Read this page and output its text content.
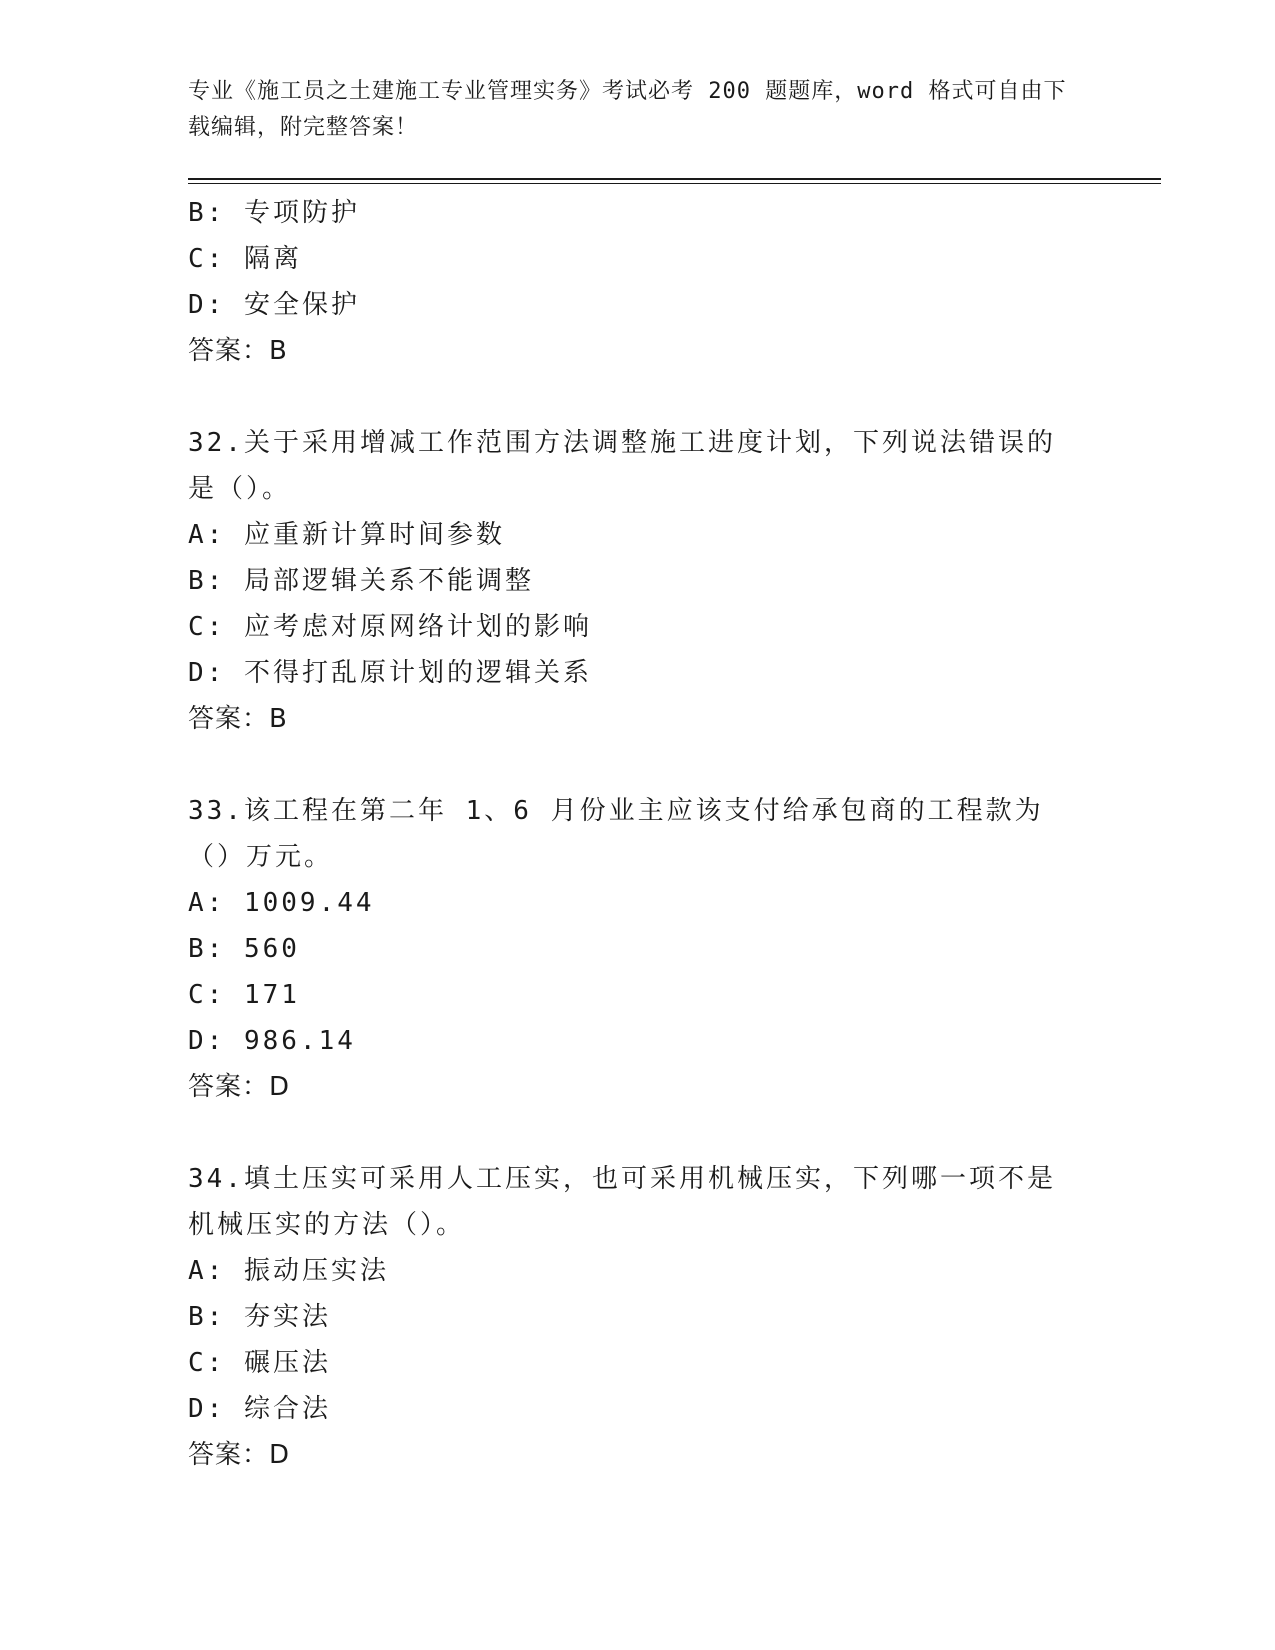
专业《施工员之土建施工专业管理实务》考试必考 200 题题库，word 格式可自由下载编辑，附完整答案！
B: 专项防护
C: 隔离
D: 安全保护
答案：B
32.关于采用增减工作范围方法调整施工进度计划，下列说法错误的是（）。
A: 应重新计算时间参数
B: 局部逻辑关系不能调整
C: 应考虑对原网络计划的影响
D: 不得打乱原计划的逻辑关系
答案：B
33.该工程在第二年 1、6 月份业主应该支付给承包商的工程款为（）万元。
A: 1009.44
B: 560
C: 171
D: 986.14
答案：D
34.填土压实可采用人工压实，也可采用机械压实，下列哪一项不是机械压实的方法（）。
A: 振动压实法
B: 夯实法
C: 碾压法
D: 综合法
答案：D
